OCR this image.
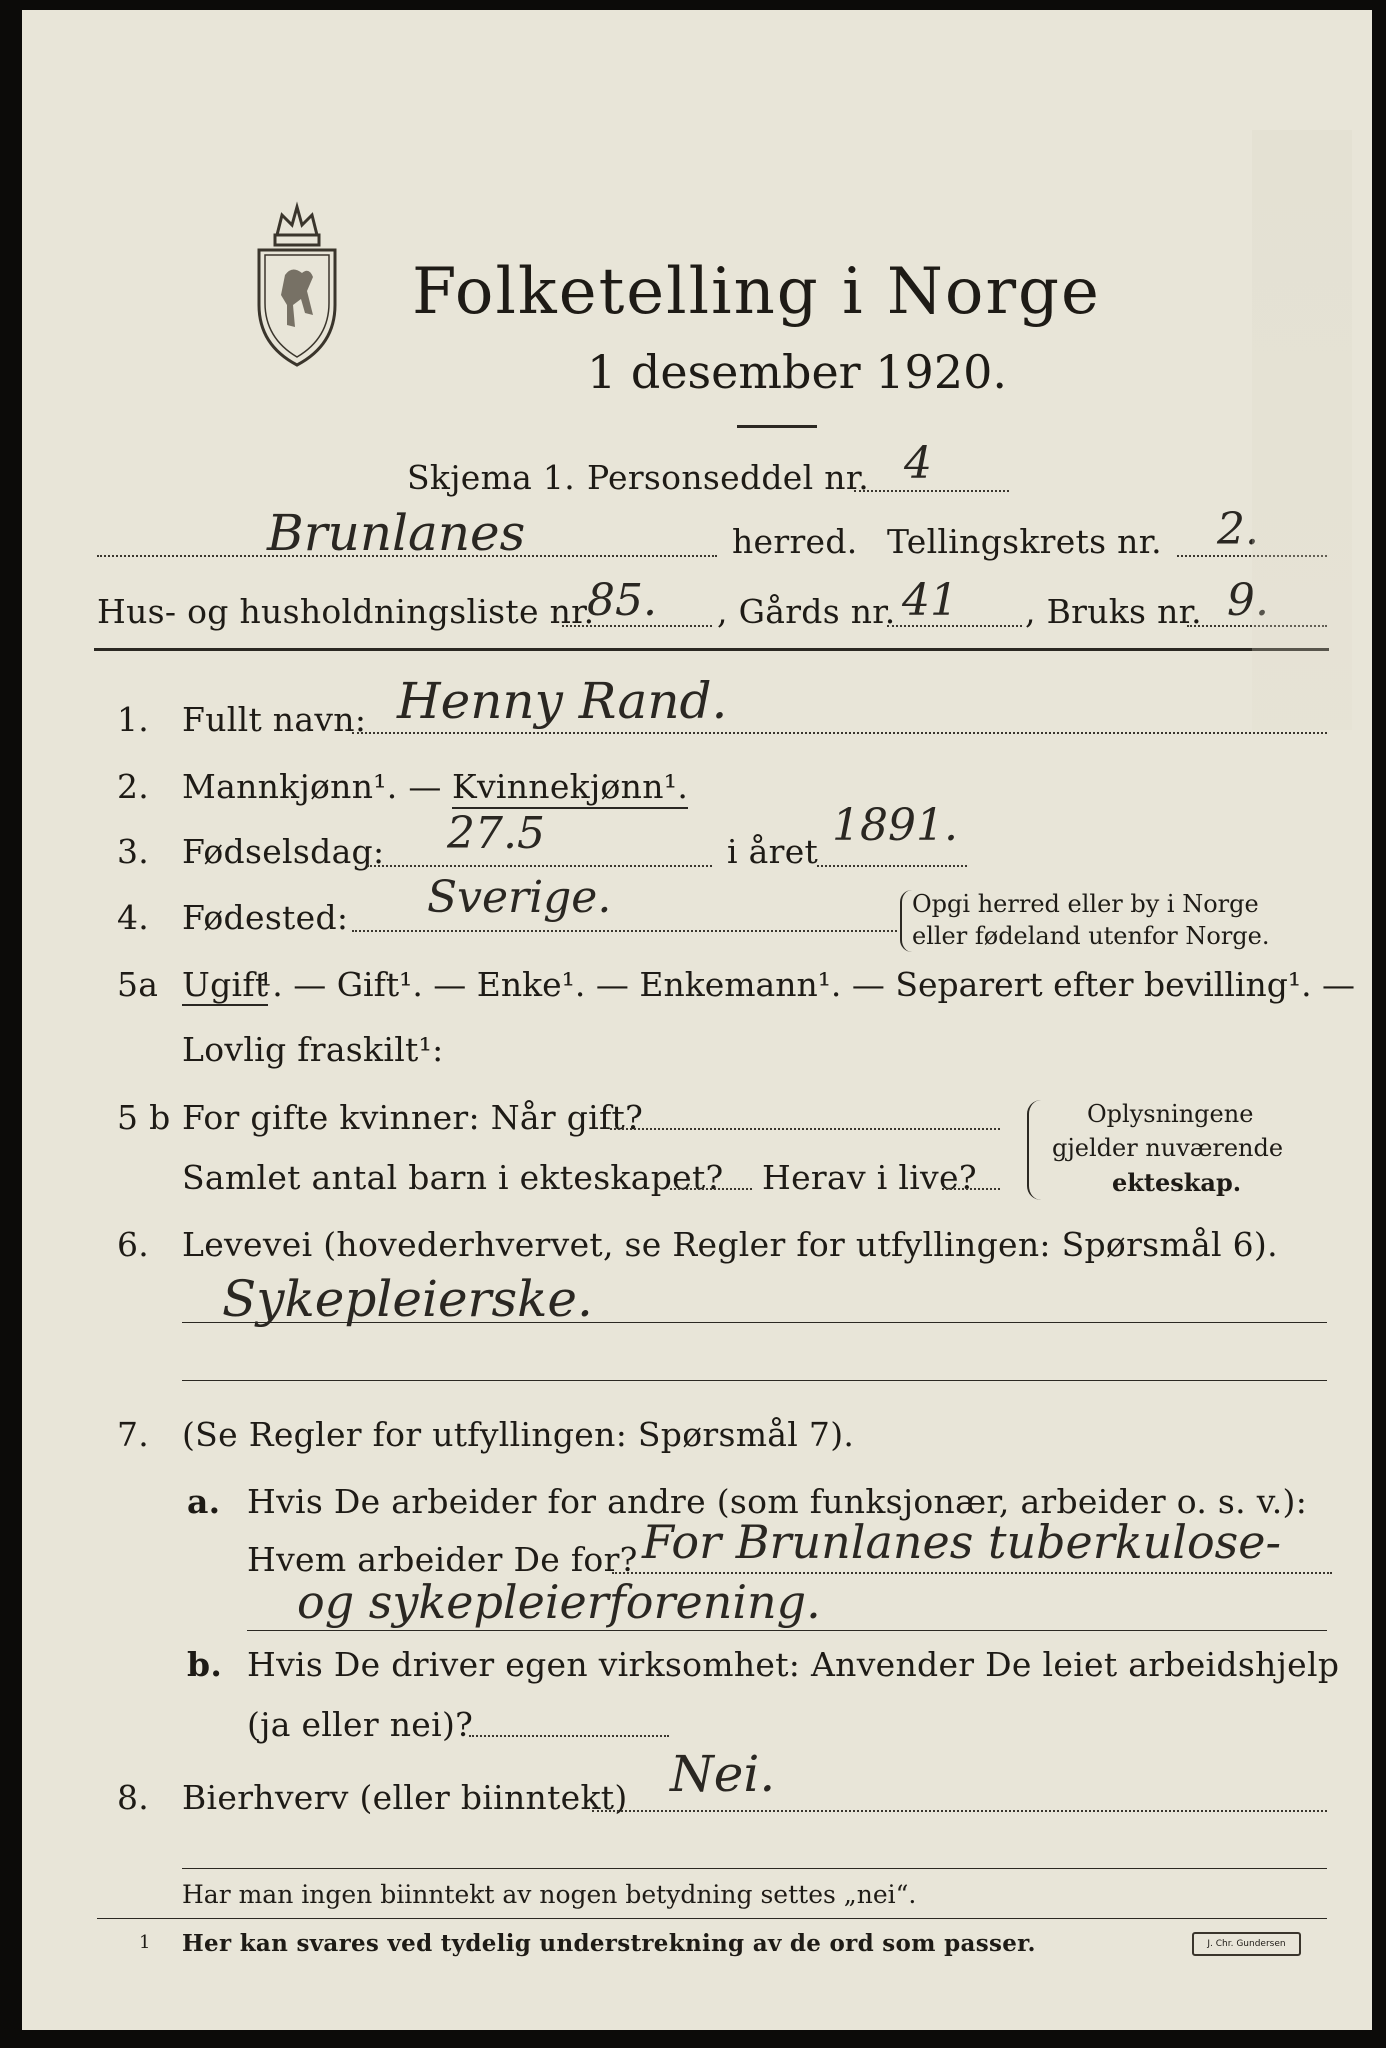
Folketelling i Norge
1 desember 1920.
Skjema 1. Personseddel nr. 4
Brunlanes	herred. Tellingskrets nr. 2.
Hus- og husholdningsliste nr.
85. , Gårds nr. 41 , Bruks nr. 9.
1. Fullt navn: Henny Rand.
2. Mannkjønn¹. — Kvinnekjønn¹.
3. Fødselsdag: 27.5	i året
1891.
4. Fødested: Sverige.	Opgi herred eller by i Norge
eller fødeland utenfor Norge.
5a Ugift
¹. — Gift¹. — Enke¹. — Enkemann¹. — Separert efter bevilling¹. —
Lovlig fraskilt¹:
5 b For gifte kvinner: Når gift?
Samlet antal barn i ekteskapet? Herav i live?
Oplysningene
gjelder nuværende
ekteskap.
6. Levevei (hovederhvervet, se Regler for utfyllingen: Spørsmål 6).
Sykepleierske.
7. (Se Regler for utfyllingen: Spørsmål 7).
a. Hvis De arbeider for andre (som funksjonær, arbeider o. s. v.):
Hvem arbeider De for? For Brunlanes tuberkulose-
og sykepleierforening.
b. Hvis De driver egen virksomhet: Anvender De leiet arbeidshjelp
(ja eller nei)?
8. Bierhverv (eller biinntekt) Nei.
Har man ingen biinntekt av nogen betydning settes „nei“.
1 Her kan svares ved tydelig understrekning av de ord som passer.	J. Chr. Gundersen
